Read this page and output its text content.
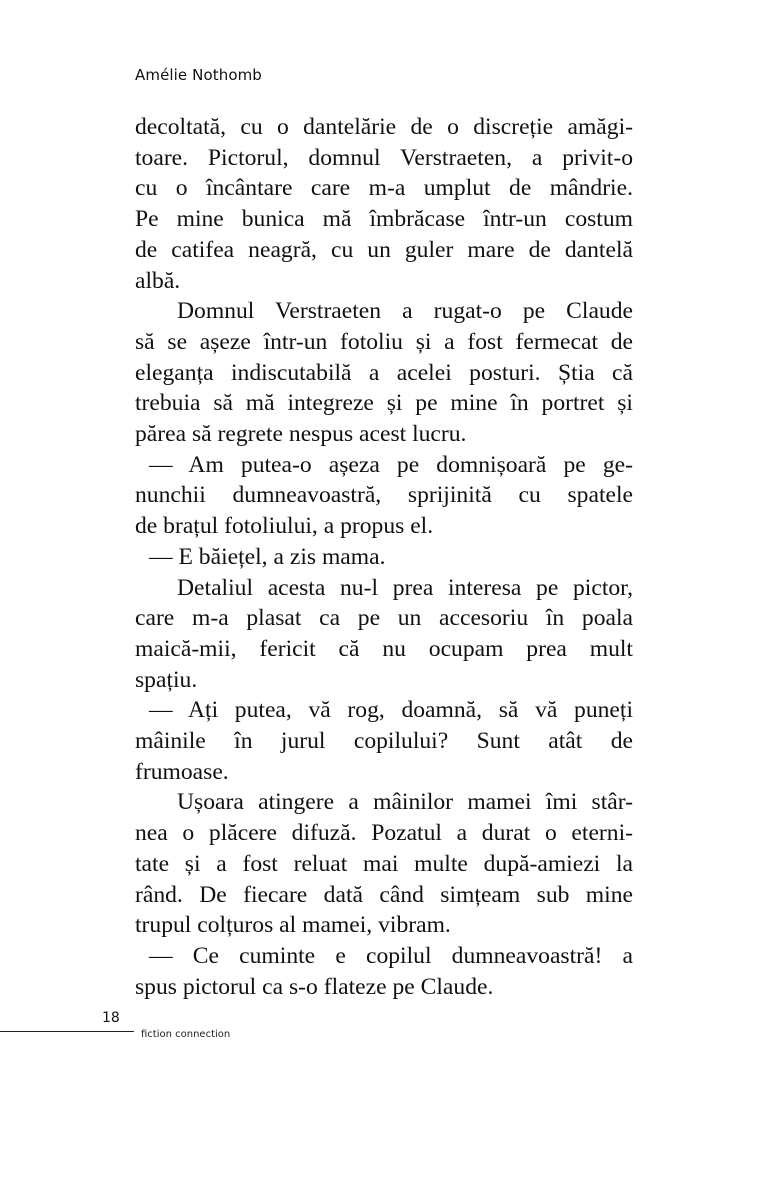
Amélie Nothomb
decoltată, cu o dantelărie de o discreție amăgi-
toare. Pictorul, domnul Verstraeten, a privit-o
cu o încântare care m-a umplut de mândrie.
Pe mine bunica mă îmbrăcase într-un costum
de catifea neagră, cu un guler mare de dantelă
albă.
Domnul Verstraeten a rugat-o pe Claude
să se așeze într-un fotoliu și a fost fermecat de
eleganța indiscutabilă a acelei posturi. Știa că
trebuia să mă integreze și pe mine în portret și
părea să regrete nespus acest lucru.
— Am putea-o așeza pe domnișoară pe ge-
nunchii dumneavoastră, sprijinită cu spatele
de brațul fotoliului, a propus el.
— E băiețel, a zis mama.
Detaliul acesta nu-l prea interesa pe pictor,
care m-a plasat ca pe un accesoriu în poala
maică-mii, fericit că nu ocupam prea mult
spațiu.
— Ați putea, vă rog, doamnă, să vă puneți
mâinile în jurul copilului? Sunt atât de
frumoase.
Ușoara atingere a mâinilor mamei îmi stâr-
nea o plăcere difuză. Pozatul a durat o eterni-
tate și a fost reluat mai multe după-amiezi la
rând. De fiecare dată când simțeam sub mine
trupul colțuros al mamei, vibram.
— Ce cuminte e copilul dumneavoastră! a
spus pictorul ca s-o flateze pe Claude.
18
fiction connection
